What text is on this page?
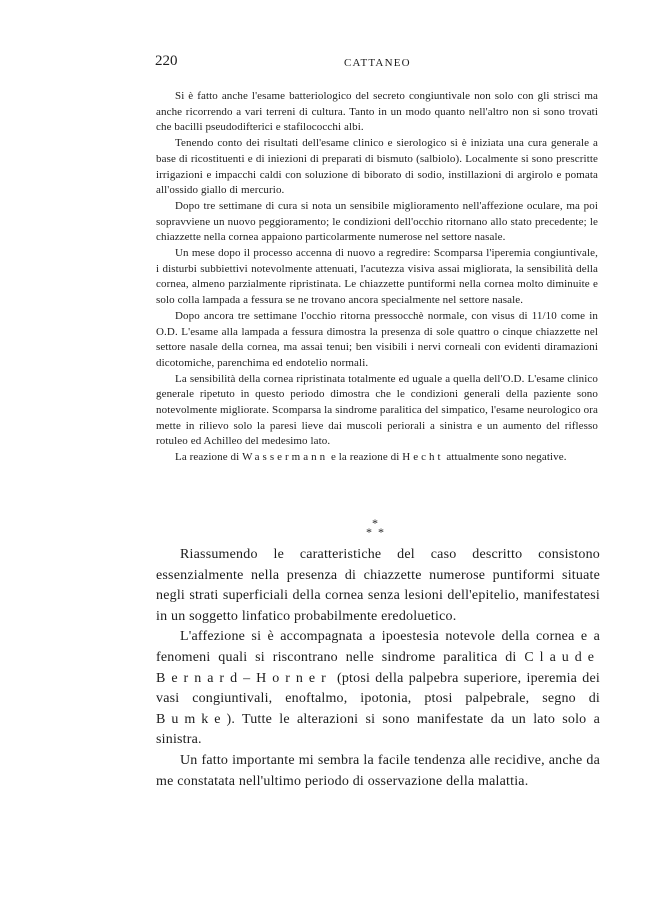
220	CATTANEO

Si è fatto anche l'esame batteriologico del secreto congiuntivale non solo con gli strisci ma anche ricorrendo a vari terreni di cultura. Tanto in un modo quanto nell'altro non si sono trovati che bacilli pseudodifterici e stafilococchi albi.

Tenendo conto dei risultati dell'esame clinico e sierologico si è iniziata una cura generale a base di ricostituenti e di iniezioni di preparati di bismuto (salbiolo). Localmente si sono prescritte irrigazioni e impacchi caldi con soluzione di biborato di sodio, instillazioni di argirolo e pomata all'ossido giallo di mercurio.

Dopo tre settimane di cura si nota un sensibile miglioramento nell'affezione oculare, ma poi sopravviene un nuovo peggioramento; le condizioni dell'occhio ritornano allo stato precedente; le chiazzette nella cornea appaiono particolarmente numerose nel settore nasale.

Un mese dopo il processo accenna di nuovo a regredire: Scomparsa l'iperemia congiuntivale, i disturbi subbiettivi notevolmente attenuati, l'acutezza visiva assai migliorata, la sensibilità della cornea, almeno parzialmente ripristinata. Le chiazzette puntiformi nella cornea molto diminuite e solo colla lampada a fessura se ne trovano ancora specialmente nel settore nasale.

Dopo ancora tre settimane l'occhio ritorna pressocchè normale, con visus di 11/10 come in O.D. L'esame alla lampada a fessura dimostra la presenza di sole quattro o cinque chiazzette nel settore nasale della cornea, ma assai tenui; ben visibili i nervi corneali con evidenti diramazioni dicotomiche, parenchima ed endotelio normali.

La sensibilità della cornea ripristinata totalmente ed uguale a quella dell'O.D. L'esame clinico generale ripetuto in questo periodo dimostra che le condizioni generali della paziente sono notevolmente migliorate. Scomparsa la sindrome paralitica del simpatico, l'esame neurologico ora mette in rilievo solo la paresi lieve dai muscoli periorali a sinistra e un aumento del riflesso rotuleo ed Achilleo del medesimo lato.

La reazione di Wassermann e la reazione di Hecht attualmente sono negative.

*
* *

Riassumendo le caratteristiche del caso descritto consistono essenzialmente nella presenza di chiazzette numerose puntiformi situate negli strati superficiali della cornea senza lesioni dell'epitelio, manifestatesi in un soggetto linfatico probabilmente eredoluetico.

L'affezione si è accompagnata a ipoestesia notevole della cornea e a fenomeni quali si riscontrano nelle sindrome paralitica di Claude Bernard–Horner (ptosi della palpebra superiore, iperemia dei vasi congiuntivali, enoftalmo, ipotonia, ptosi palpebrale, segno di Bumke). Tutte le alterazioni si sono manifestate da un lato solo a sinistra.

Un fatto importante mi sembra la facile tendenza alle recidive, anche da me constatata nell'ultimo periodo di osservazione della malattia.
